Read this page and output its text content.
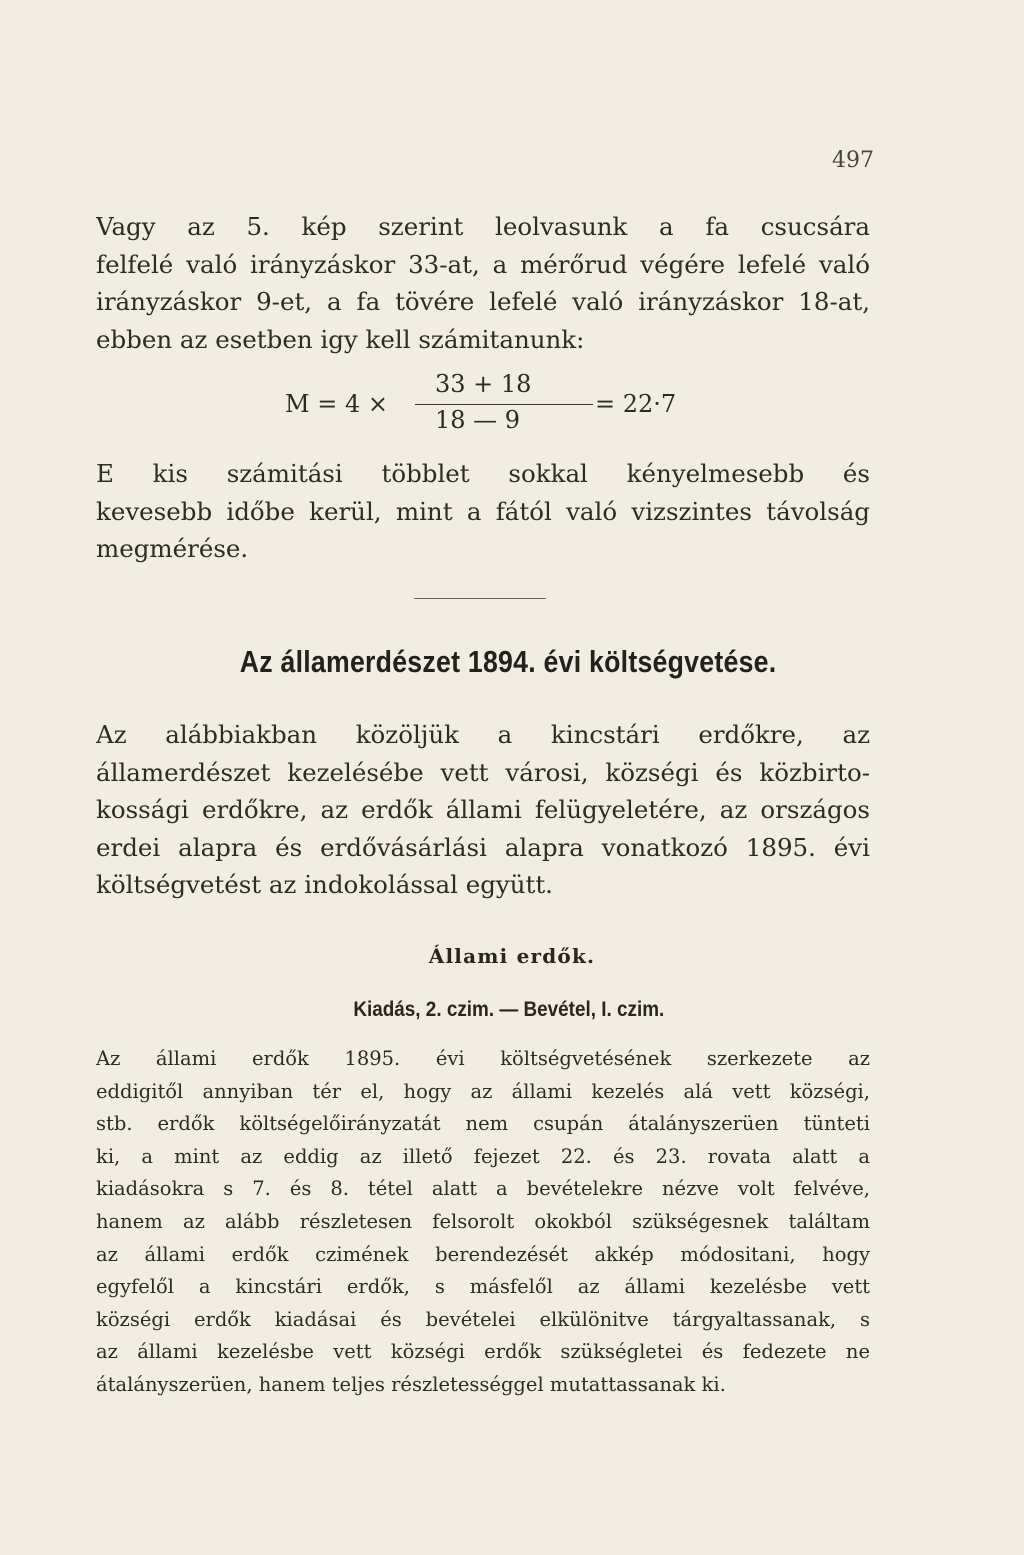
497
Vagy az 5. kép szerint leolvasunk a fa csucsára
felfelé való irányzáskor 33-at, a mérőrud végére lefelé való
irányzáskor 9-et, a fa tövére lefelé való irányzáskor 18-at,
ebben az esetben igy kell számitanunk:
M = 4 ×
33 + 18
18 — 9
= 22·7
E kis számitási többlet sokkal kényelmesebb és
kevesebb időbe kerül, mint a fától való vizszintes távolság
megmérése.
Az államerdészet 1894. évi költségvetése.
Az alábbiakban közöljük a kincstári erdőkre, az
államerdészet kezelésébe vett városi, községi és közbirto-
kossági erdőkre, az erdők állami felügyeletére, az országos
erdei alapra és erdővásárlási alapra vonatkozó 1895. évi
költségvetést az indokolással együtt.
Állami erdők.
Kiadás, 2. czim. — Bevétel, I. czim.
Az állami erdők 1895. évi költségvetésének szerkezete az
eddigitől annyiban tér el, hogy az állami kezelés alá vett községi,
stb. erdők költségelőirányzatát nem csupán átalányszerüen tünteti
ki, a mint az eddig az illető fejezet 22. és 23. rovata alatt a
kiadásokra s 7. és 8. tétel alatt a bevételekre nézve volt felvéve,
hanem az alább részletesen felsorolt okokból szükségesnek találtam
az állami erdők czimének berendezését akkép módositani, hogy
egyfelől a kincstári erdők, s másfelől az állami kezelésbe vett
községi erdők kiadásai és bevételei elkülönitve tárgyaltassanak, s
az állami kezelésbe vett községi erdők szükségletei és fedezete ne
átalányszerüen, hanem teljes részletességgel mutattassanak ki.
